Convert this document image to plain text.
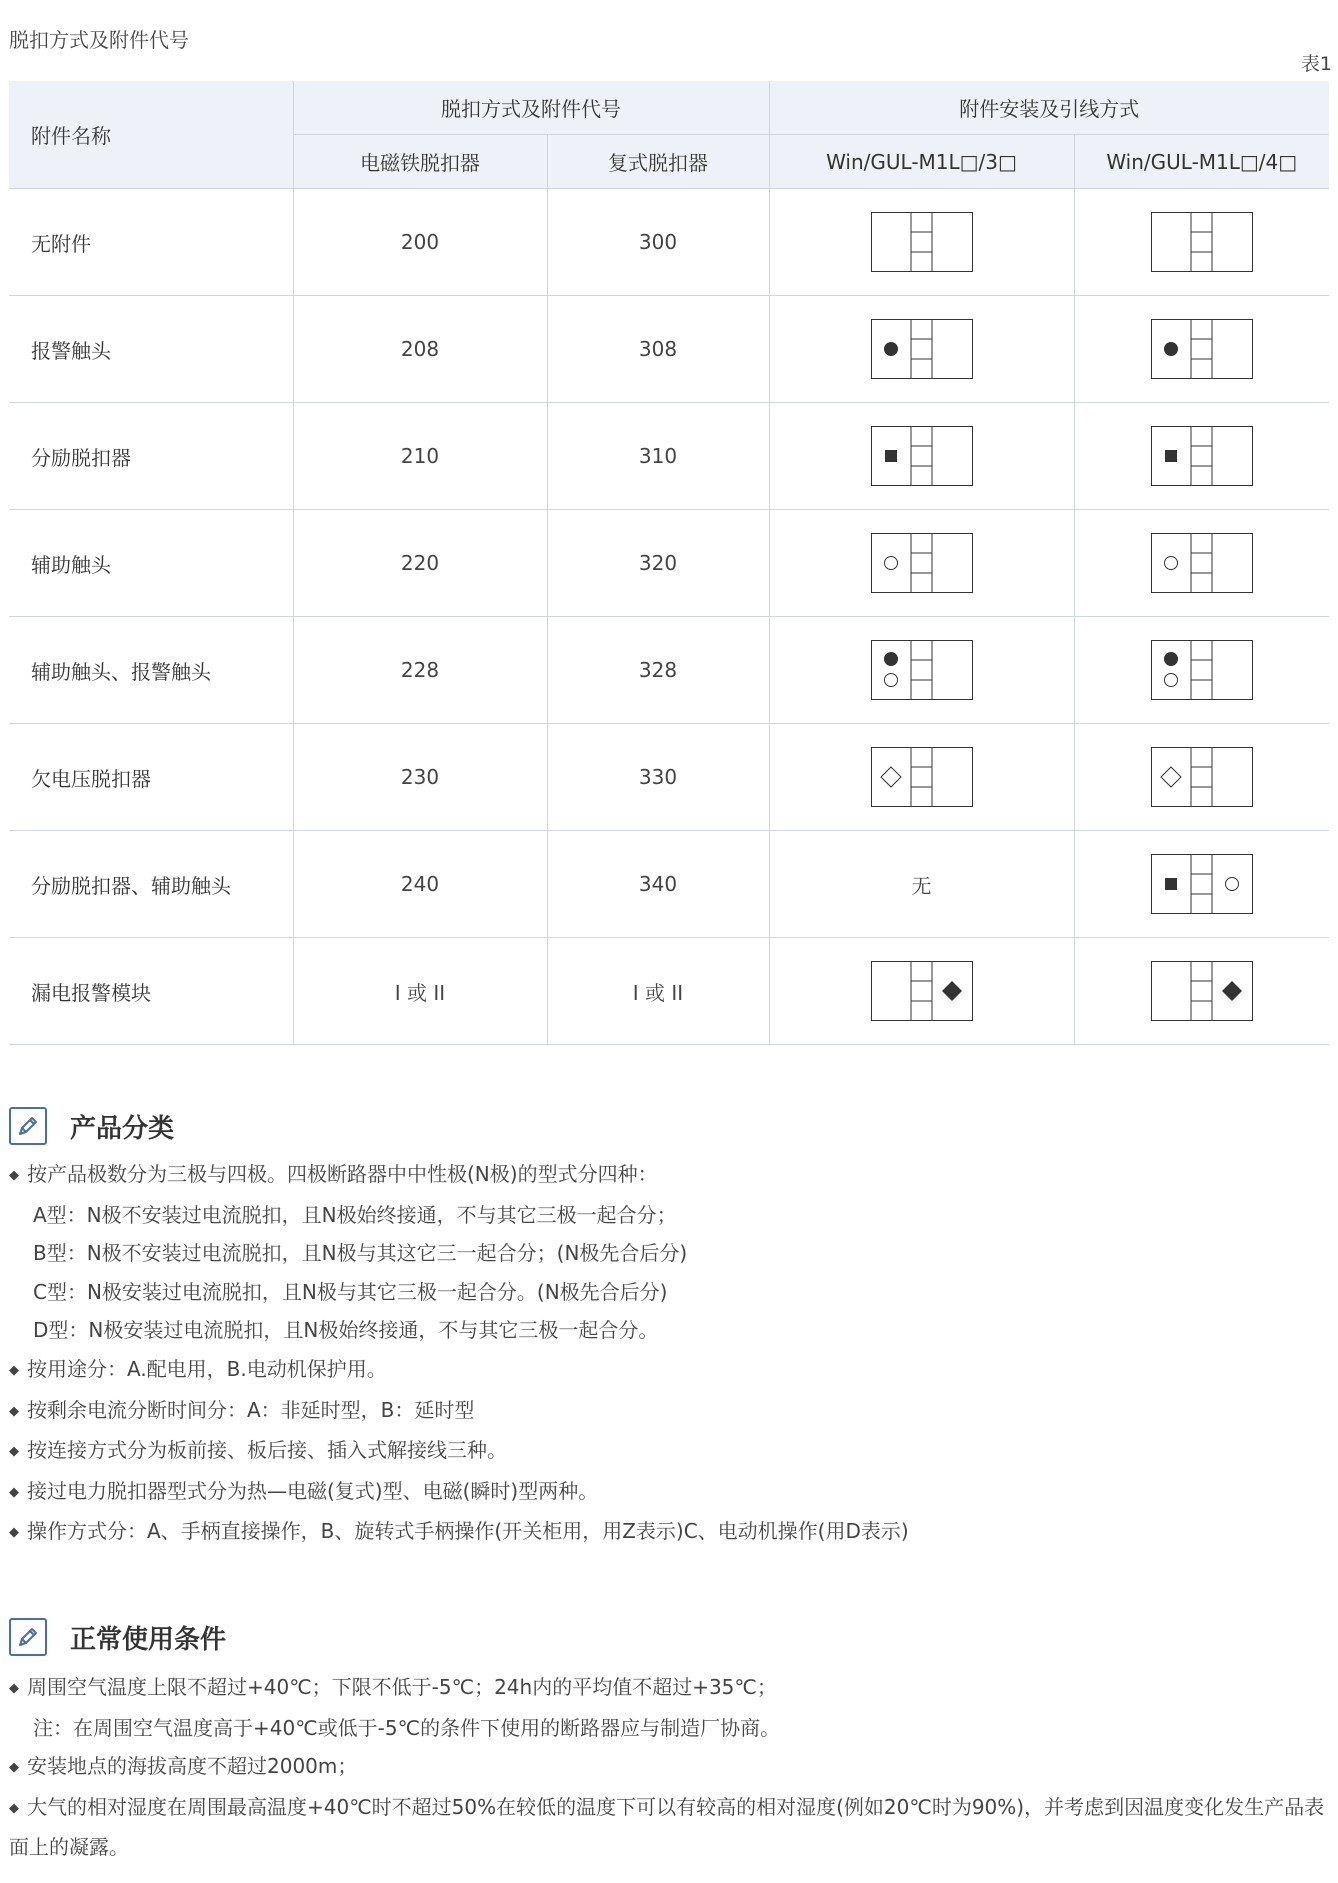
脱扣方式及附件代号
表1
附件名称	脱扣方式及附件代号		附件安装及引线方式	
	电磁铁脱扣器	复式脱扣器	Win/GUL-M1L□/3□	Win/GUL-M1L□/4□
无附件	200	300	

报警触头	208	308	

分励脱扣器	210	310	

辅助触头	220	320	

辅助触头、报警触头	228	328	

欠电压脱扣器	230	330	

分励脱扣器、辅助触头	240	340	无	

漏电报警模块	I 或 II	I 或 II	

产品分类
◆ 按产品极数分为三极与四极。四极断路器中中性极(N极)的型式分四种：
A型：N极不安装过电流脱扣，且N极始终接通，不与其它三极一起合分；
B型：N极不安装过电流脱扣，且N极与其这它三一起合分；(N极先合后分)
C型：N极安装过电流脱扣，且N极与其它三极一起合分。(N极先合后分)
D型：N极安装过电流脱扣，且N极始终接通，不与其它三极一起合分。
◆ 按用途分：A.配电用，B.电动机保护用。
◆ 按剩余电流分断时间分：A：非延时型，B：延时型
◆ 按连接方式分为板前接、板后接、插入式解接线三种。
◆ 接过电力脱扣器型式分为热—电磁(复式)型、电磁(瞬时)型两种。
◆ 操作方式分：A、手柄直接操作，B、旋转式手柄操作(开关柜用，用Z表示)C、电动机操作(用D表示)
正常使用条件
◆ 周围空气温度上限不超过+40℃；下限不低于-5℃；24h内的平均值不超过+35℃；
注：在周围空气温度高于+40℃或低于-5℃的条件下使用的断路器应与制造厂协商。
◆ 安装地点的海拔高度不超过2000m；
◆ 大气的相对湿度在周围最高温度+40℃时不超过50%在较低的温度下可以有较高的相对湿度(例如20℃时为90%)，并考虑到因温度变化发生产品表面上的凝露。
